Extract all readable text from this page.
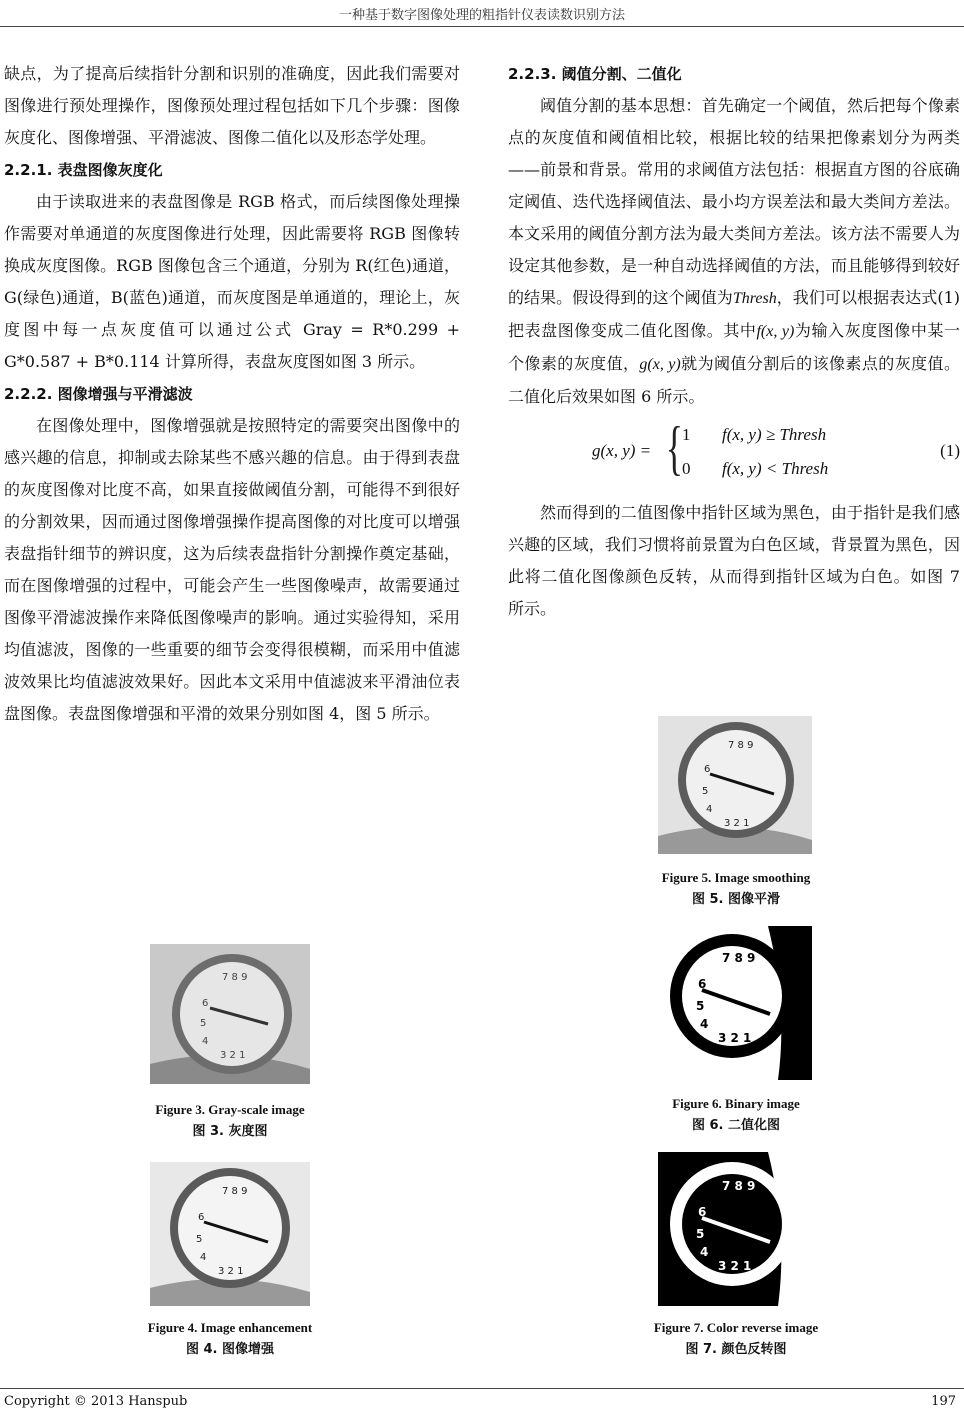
一种基于数字图像处理的粗指针仪表读数识别方法

缺点，为了提高后续指针分割和识别的准确度，因此我们需要对图像进行预处理操作，图像预处理过程包括如下几个步骤：图像灰度化、图像增强、平滑滤波、图像二值化以及形态学处理。

2.2.1. 表盘图像灰度化

由于读取进来的表盘图像是 RGB 格式，而后续图像处理操作需要对单通道的灰度图像进行处理，因此需要将 RGB 图像转换成灰度图像。RGB 图像包含三个通道，分别为 R(红色)通道，G(绿色)通道，B(蓝色)通道，而灰度图是单通道的，理论上，灰度图中每一点灰度值可以通过公式 Gray = R*0.299 + G*0.587 + B*0.114 计算所得，表盘灰度图如图 3 所示。

2.2.2. 图像增强与平滑滤波

在图像处理中，图像增强就是按照特定的需要突出图像中的感兴趣的信息，抑制或去除某些不感兴趣的信息。由于得到表盘的灰度图像对比度不高，如果直接做阈值分割，可能得不到很好的分割效果，因而通过图像增强操作提高图像的对比度可以增强表盘指针细节的辨识度，这为后续表盘指针分割操作奠定基础，而在图像增强的过程中，可能会产生一些图像噪声，故需要通过图像平滑滤波操作来降低图像噪声的影响。通过实验得知，采用均值滤波，图像的一些重要的细节会变得很模糊，而采用中值滤波效果比均值滤波效果好。因此本文采用中值滤波来平滑油位表盘图像。表盘图像增强和平滑的效果分别如图 4，图 5 所示。

2.2.3. 阈值分割、二值化

阈值分割的基本思想：首先确定一个阈值，然后把每个像素点的灰度值和阈值相比较，根据比较的结果把像素划分为两类——前景和背景。常用的求阈值方法包括：根据直方图的谷底确定阈值、迭代选择阈值法、最小均方误差法和最大类间方差法。本文采用的阈值分割方法为最大类间方差法。该方法不需要人为设定其他参数，是一种自动选择阈值的方法，而且能够得到较好的结果。假设得到的这个阈值为Thresh，我们可以根据表达式(1)把表盘图像变成二值化图像。其中f(x, y)为输入灰度图像中某一个像素的灰度值，g(x, y)就为阈值分割后的该像素点的灰度值。二值化后效果如图 6 所示。

g(x, y) = {
1 f(x, y) ≥ Thresh
0 f(x, y) < Thresh
(1)

然而得到的二值图像中指针区域为黑色，由于指针是我们感兴趣的区域，我们习惯将前景置为白色区域，背景置为黑色，因此将二值化图像颜色反转，从而得到指针区域为白色。如图 7 所示。

7 8 9
6
5
4
3 2 1
Figure 3. Gray-scale image
图 3. 灰度图
7 8 9
6
5
4
3 2 1
Figure 4. Image enhancement
图 4. 图像增强
7 8 9
6
5
4
3 2 1
Figure 5. Image smoothing
图 5. 图像平滑
7 8 9
6
5
4
3 2 1
Figure 6. Binary image
图 6. 二值化图
7 8 9
6
5
4
3 2 1
Figure 7. Color reverse image
图 7. 颜色反转图
Copyright © 2013 Hanspub	197
